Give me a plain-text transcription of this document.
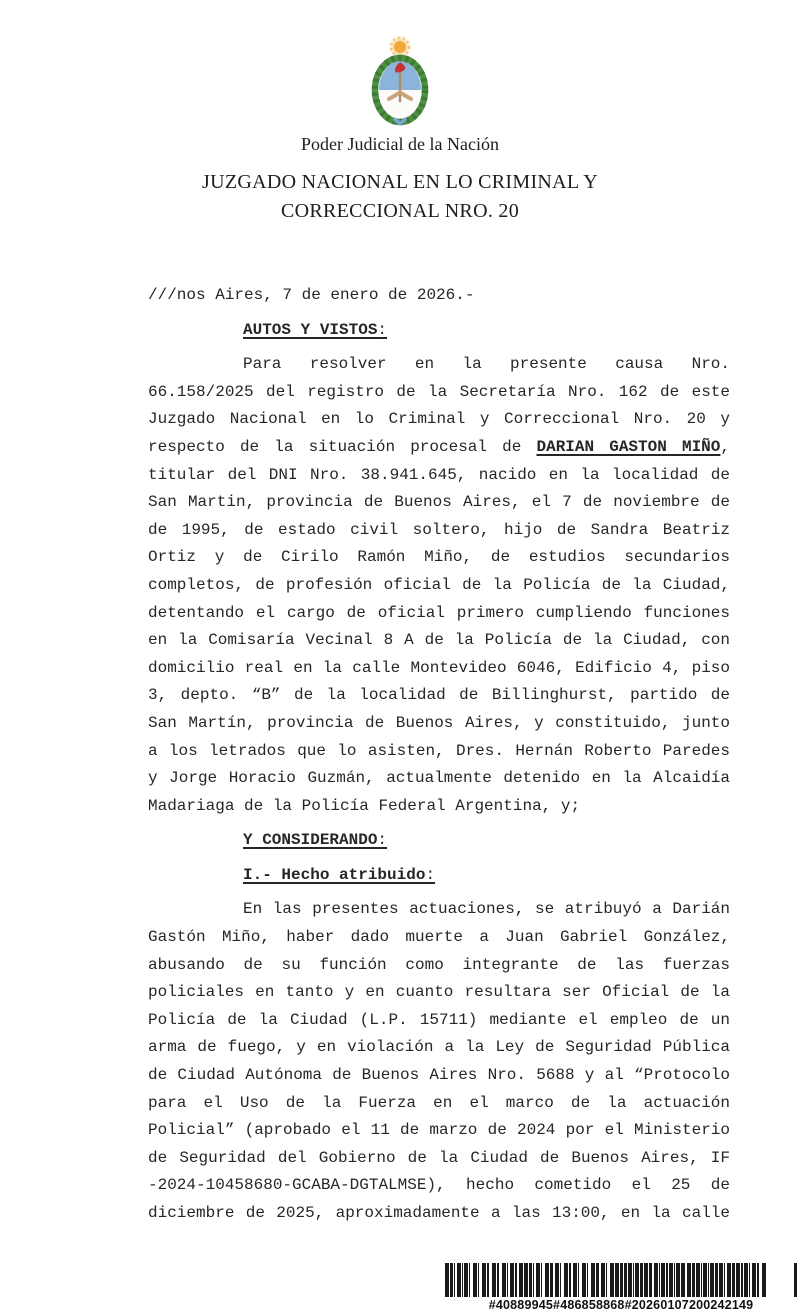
Poder Judicial de la Nación
JUZGADO NACIONAL EN LO CRIMINAL Y
CORRECCIONAL NRO. 20
///nos Aires, 7 de enero de 2026.-
AUTOS Y VISTOS:
Para resolver en la presente causa Nro.
66.158/2025 del registro de la Secretaría Nro. 162 de este
Juzgado Nacional en lo Criminal y Correccional Nro. 20 y
respecto de la situación procesal de DARIAN GASTON MIÑO,
titular del DNI Nro. 38.941.645, nacido en la localidad de
San Martin, provincia de Buenos Aires, el 7 de noviembre de
de 1995, de estado civil soltero, hijo de Sandra Beatriz
Ortiz y de Cirilo Ramón Miño, de estudios secundarios
completos, de profesión oficial de la Policía de la Ciudad,
detentando el cargo de oficial primero cumpliendo funciones
en la Comisaría Vecinal 8 A de la Policía de la Ciudad, con
domicilio real en la calle Montevideo 6046, Edificio 4, piso
3, depto. “B” de la localidad de Billinghurst, partido de
San Martín, provincia de Buenos Aires, y constituido, junto
a los letrados que lo asisten, Dres. Hernán Roberto Paredes
y Jorge Horacio Guzmán, actualmente detenido en la Alcaidía
Madariaga de la Policía Federal Argentina, y;
Y CONSIDERANDO:
I.- Hecho atribuido:
En las presentes actuaciones, se atribuyó a Darián
Gastón Miño, haber dado muerte a Juan Gabriel González,
abusando de su función como integrante de las fuerzas
policiales en tanto y en cuanto resultara ser Oficial de la
Policía de la Ciudad (L.P. 15711) mediante el empleo de un
arma de fuego, y en violación a la Ley de Seguridad Pública
de Ciudad Autónoma de Buenos Aires Nro. 5688 y al “Protocolo
para el Uso de la Fuerza en el marco de la actuación
Policial” (aprobado el 11 de marzo de 2024 por el Ministerio
de Seguridad del Gobierno de la Ciudad de Buenos Aires, IF
-2024-10458680-GCABA-DGTALMSE), hecho cometido el 25 de
diciembre de 2025, aproximadamente a las 13:00, en la calle
#40889945#486858868#20260107200242149
